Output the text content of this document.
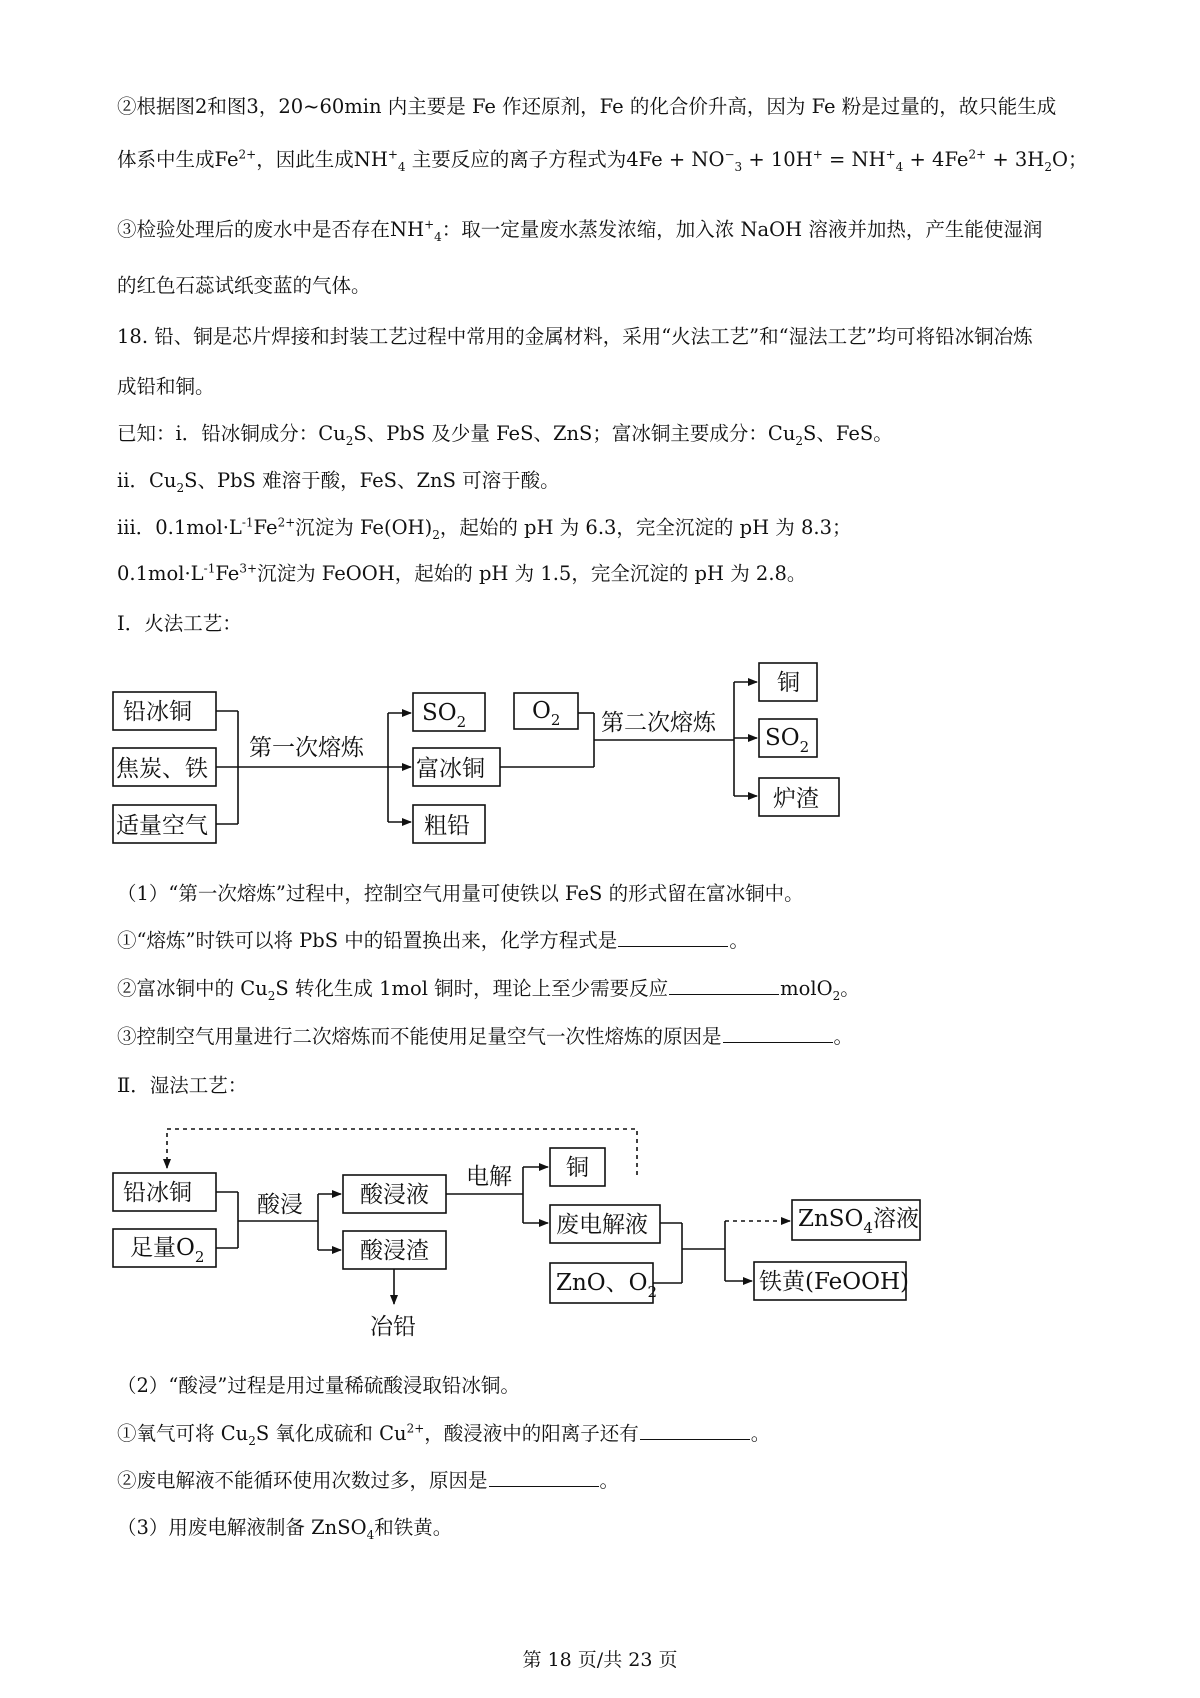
②根据图2和图3，20~60min 内主要是 Fe 作还原剂，Fe 的化合价升高，因为 Fe 粉是过量的，故只能生成
体系中生成$Fe^{2+}$，因此生成$NH^+_4$ 主要反应的离子方程式为$4Fe + NO^-_3 + 10H^+ = NH^+_4 + 4Fe^{2+} + 3H_2O$；
③检验处理后的废水中是否存在$NH^+_4$：取一定量废水蒸发浓缩，加入浓 NaOH 溶液并加热，产生能使湿润
的红色石蕊试纸变蓝的气体。
18. 铅、铜是芯片焊接和封装工艺过程中常用的金属材料，采用“火法工艺”和“湿法工艺”均可将铅冰铜冶炼
成铅和铜。
已知：i．铅冰铜成分：$Cu_2S$、PbS 及少量 FeS、ZnS；富冰铜主要成分：$Cu_2S$、FeS。
ii．$Cu_2S$、PbS 难溶于酸，FeS、ZnS 可溶于酸。
iii．$0.1mol\cdot L^{-1}Fe^{2+}$沉淀为 $Fe(OH)_2$，起始的 pH 为 6.3，完全沉淀的 pH 为 8.3；
$0.1mol\cdot L^{-1}Fe^{3+}$沉淀为 FeOOH，起始的 pH 为 1.5，完全沉淀的 pH 为 2.8。
Ⅰ．火法工艺：
铅冰铜
焦炭、铁
适量空气
第一次熔炼
$SO_2$
富冰铜
粗铅
$O_2$ 第二次熔炼
铜
$SO_2$
炉渣
（1）“第一次熔炼”过程中，控制空气用量可使铁以 FeS 的形式留在富冰铜中。
①“熔炼”时铁可以将 PbS 中的铅置换出来，化学方程式是	。
②富冰铜中的 $Cu_2S$ 转化生成 1mol 铜时，理论上至少需要反应	molO$_2$。
③控制空气用量进行二次熔炼而不能使用足量空气一次性熔炼的原因是	。
Ⅱ．湿法工艺：
铅冰铜
足量$O_2$
酸浸 酸浸液
酸浸渣
冶铅
电解 铜
废电解液
ZnO、$O_2$
ZnSO$_4$溶液
铁黄(FeOOH)
（2）“酸浸”过程是用过量稀硫酸浸取铅冰铜。
①氧气可将 $Cu_2S$ 氧化成硫和 $Cu^{2+}$，酸浸液中的阳离子还有	。
②废电解液不能循环使用次数过多，原因是	。
（3）用废电解液制备 ZnSO$_4$和铁黄。
第 18 页/共 23 页
